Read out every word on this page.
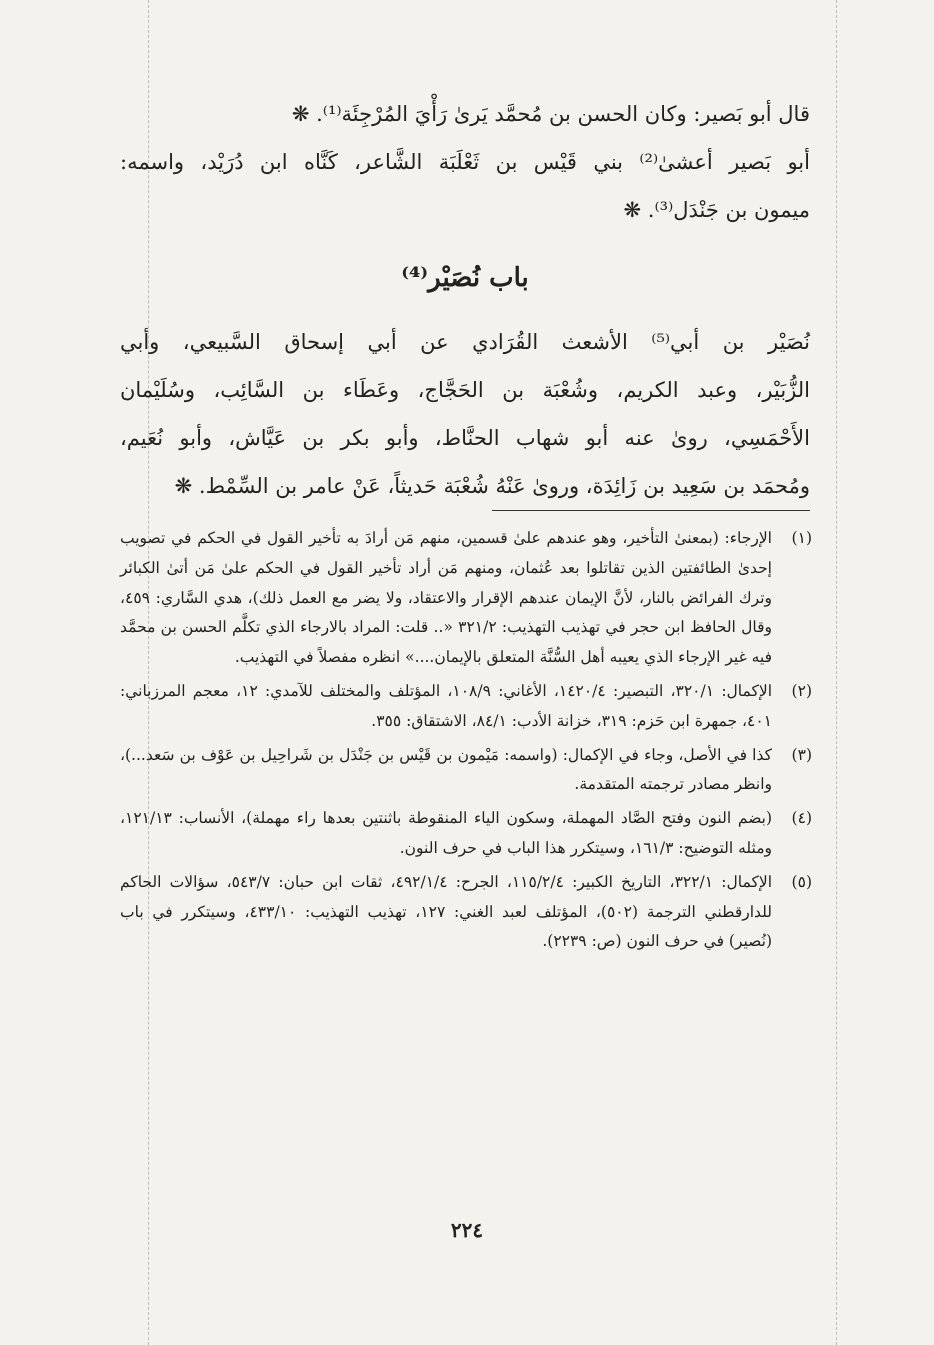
قال أبو بَصير: وكان الحسن بن مُحمَّد يَرىٰ رَأْيَ المُرْجِئَة⁽¹⁾. ❋

أبو بَصير أعشىٰ⁽²⁾ بني قَيْس بن ثَعْلَبَة الشَّاعر، كَنَّاه ابن دُرَيْد، واسمه:

ميمون بن جَنْدَل⁽³⁾. ❋

باب نُصَيْر⁽⁴⁾

نُصَيْر بن أبي⁽⁵⁾ الأشعث القُرَادي عن أبي إسحاق السَّبيعي، وأبي

الزُّبَيْر، وعبد الكريم، وشُعْبَة بن الحَجَّاج، وعَطَاء بن السَّائِب، وسُلَيْمان

الأَحْمَسِي، روىٰ عنه أبو شهاب الحنَّاط، وأبو بكر بن عَيَّاش، وأبو نُعَيم،

ومُحمَد بن سَعِيد بن زَائِدَة، وروىٰ عَنْهُ شُعْبَة حَديثاً، عَنْ عامر بن السِّمْط. ❋

(١)
الإرجاء: (بمعنىٰ التأخير، وهو عندهم علىٰ قسمين، منهم مَن أرادَ به تأخير القول في الحكم في تصويب إحدىٰ الطائفتين الذين تقاتلوا بعد عُثمان، ومنهم مَن أراد تأخير القول في الحكم علىٰ مَن أتىٰ الكبائر وترك الفرائض بالنار، لأنَّ الإيمان عندهم الإقرار والاعتقاد، ولا يضر مع العمل ذلك)، هدي السَّاري: ٤٥٩، وقال الحافظ ابن حجر في تهذيب التهذيب: ٣٢١/٢ «.. قلت: المراد بالارجاء الذي تكلَّم الحسن بن محمَّد فيه غير الإرجاء الذي يعيبه أهل السُّنَّة المتعلق بالإيمان....» انظره مفصلاً في التهذيب.
(٢)
الإكمال: ٣٢٠/١، التبصير: ١٤٢٠/٤، الأغاني: ١٠٨/٩، المؤتلف والمختلف للآمدي: ١٢، معجم المرزباني: ٤٠١، جمهرة ابن حَزم: ٣١٩، خزانة الأدب: ٨٤/١، الاشتقاق: ٣٥٥.
(٣)
كذا في الأصل، وجاء في الإكمال: (واسمه: مَيْمون بن قَيْس بن جَنْدَل بن شَراحِيل بن عَوْف بن سَعد...)، وانظر مصادر ترجمته المتقدمة.
(٤)
(بضم النون وفتح الصَّاد المهملة، وسكون الياء المنقوطة باثنتين بعدها راء مهملة)، الأنساب: ١٢١/١٣، ومثله التوضيح: ١٦١/٣، وسيتكرر هذا الباب في حرف النون.
(٥)
الإكمال: ٣٢٢/١، التاريخ الكبير: ١١٥/٢/٤، الجرح: ٤٩٢/١/٤، ثقات ابن حبان: ٥٤٣/٧، سؤالات الحاكم للدارقطني الترجمة (٥٠٢)، المؤتلف لعبد الغني: ١٢٧، تهذيب التهذيب: ٤٣٣/١٠، وسيتكرر في باب (نُصير) في حرف النون (ص: ٢٢٣٩).
٢٢٤
